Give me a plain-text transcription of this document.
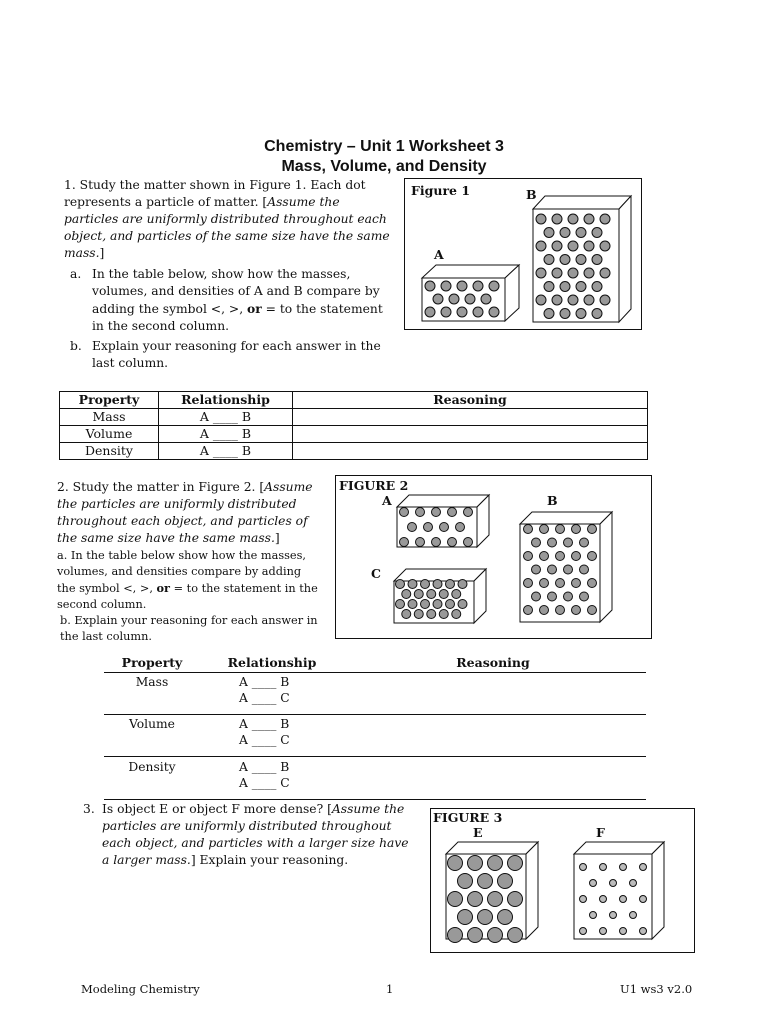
Chemistry – Unit 1 Worksheet 3
Mass, Volume, and Density
1. Study the matter shown in Figure 1. Each dot represents a particle of matter. [Assume the particles are uniformly distributed throughout each object, and particles of the same size have the same mass.]
a. In the table below, show how the masses, volumes, and densities of A and B compare by adding the symbol <, >, or = to the statement in the second column.
b. Explain your reasoning for each answer in the last column.
Figure 1	B
A
Property	Relationship	Reasoning
Mass	A ____ B	
Volume	A ____ B	
Density	A ____ B	
2. Study the matter in Figure 2. [Assume the particles are uniformly distributed throughout each object, and particles of the same size have the same mass.]
a. In the table below show how the masses, volumes, and densities compare by adding the symbol <, >, or = to the statement in the second column.
b. Explain your reasoning for each answer in the last column.
FIGURE 2
A	B
C
Property	Relationship	Reasoning
Mass	A ____ B
A ____ C
Volume	A ____ B
A ____ C
Density	A ____ B
A ____ C
3. Is object E or object F more dense? [Assume the particles are uniformly distributed throughout each object, and particles with a larger size have a larger mass.] Explain your reasoning.
FIGURE 3
E	F
Modeling Chemistry	1	U1 ws3 v2.0
